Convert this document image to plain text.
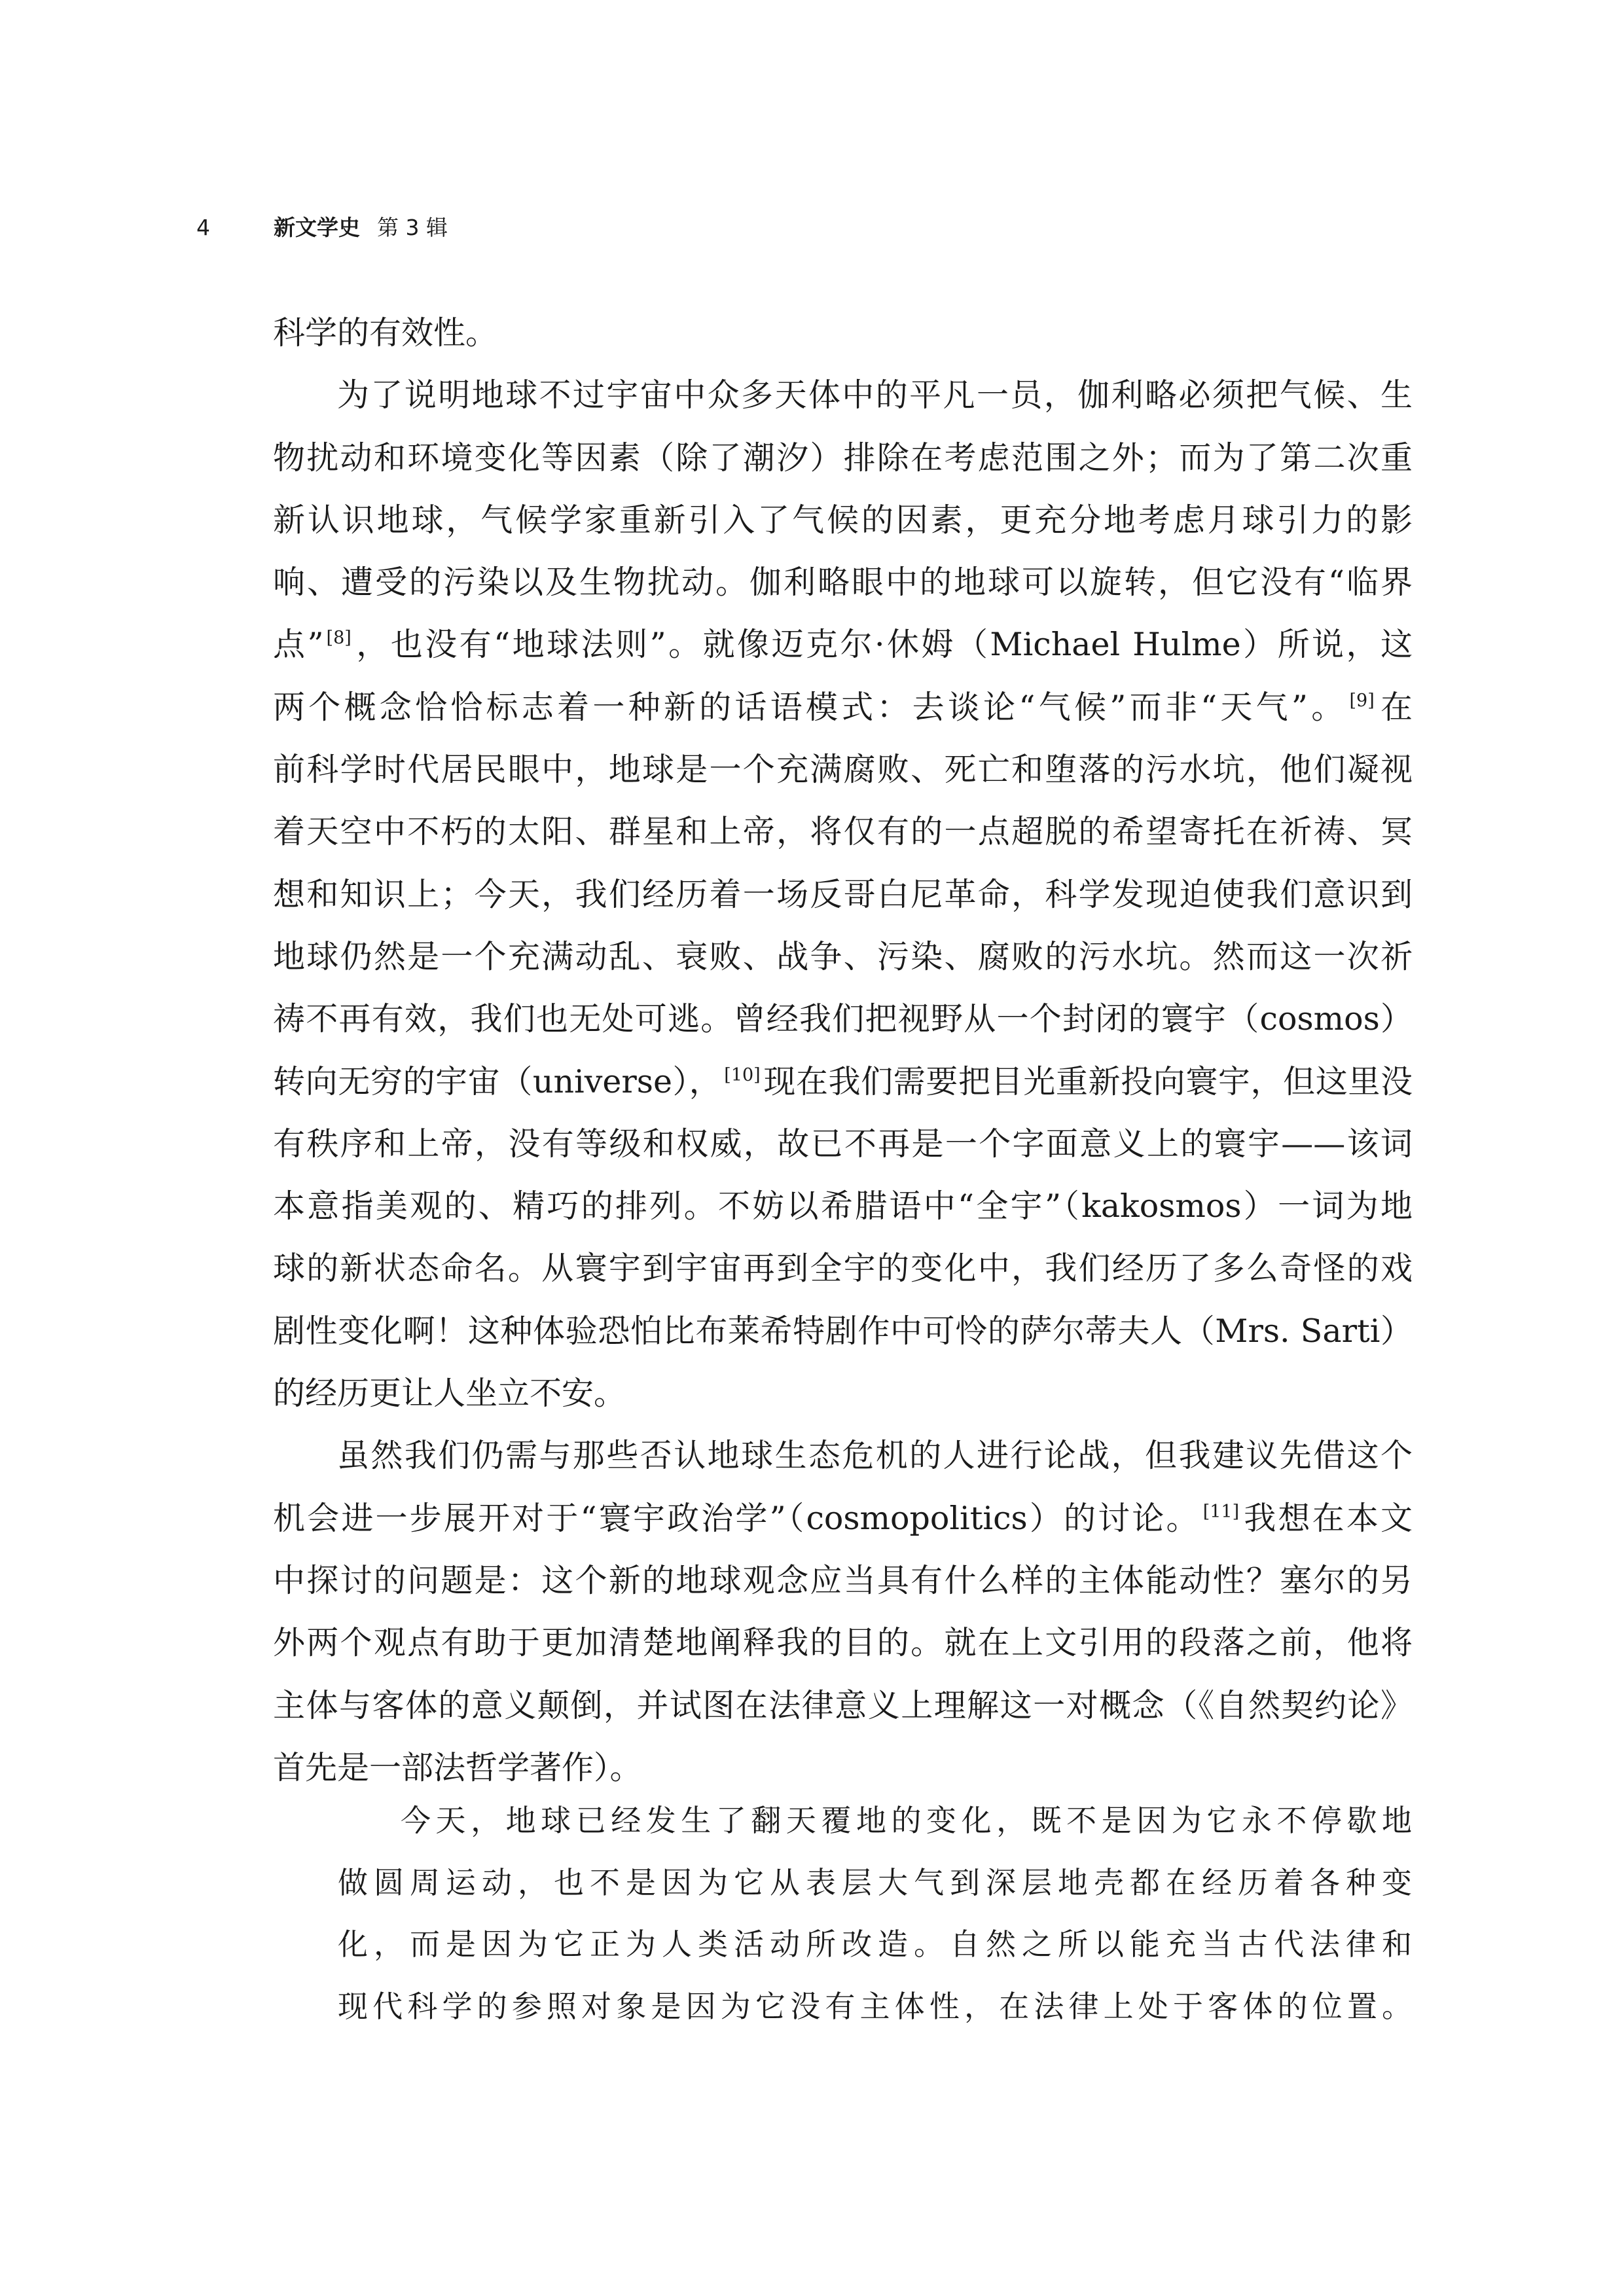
4	新文学史 第 3 辑

科学的有效性。

为了说明地球不过宇宙中众多天体中的平凡一员，伽利略必须把气候、生
物扰动和环境变化等因素（除了潮汐）排除在考虑范围之外；而为了第二次重
新认识地球，气候学家重新引入了气候的因素，更充分地考虑月球引力的影
响、遭受的污染以及生物扰动。伽利略眼中的地球可以旋转，但它没有“临界
点” [8]，也没有“地球法则”。就像迈克尔·休姆（Michael Hulme）所说，这
两个概念恰恰标志着一种新的话语模式：去谈论“气候”而非“天气”。 [9]在
前科学时代居民眼中，地球是一个充满腐败、死亡和堕落的污水坑，他们凝视
着天空中不朽的太阳、群星和上帝，将仅有的一点超脱的希望寄托在祈祷、冥
想和知识上；今天，我们经历着一场反哥白尼革命，科学发现迫使我们意识到
地球仍然是一个充满动乱、衰败、战争、污染、腐败的污水坑。然而这一次祈
祷不再有效，我们也无处可逃。曾经我们把视野从一个封闭的寰宇（cosmos）
转向无穷的宇宙（universe）， [10]现在我们需要把目光重新投向寰宇，但这里没
有秩序和上帝，没有等级和权威，故已不再是一个字面意义上的寰宇——该词
本意指美观的、精巧的排列。不妨以希腊语中“全宇”（kakosmos）一词为地
球的新状态命名。从寰宇到宇宙再到全宇的变化中，我们经历了多么奇怪的戏
剧性变化啊！这种体验恐怕比布莱希特剧作中可怜的萨尔蒂夫人（Mrs. Sarti）
的经历更让人坐立不安。

虽然我们仍需与那些否认地球生态危机的人进行论战，但我建议先借这个
机会进一步展开对于“寰宇政治学”（cosmopolitics）的讨论。 [11]我想在本文
中探讨的问题是：这个新的地球观念应当具有什么样的主体能动性？塞尔的另
外两个观点有助于更加清楚地阐释我的目的。就在上文引用的段落之前，他将
主体与客体的意义颠倒，并试图在法律意义上理解这一对概念（《自然契约论》
首先是一部法哲学著作）。

今天，地球已经发生了翻天覆地的变化，既不是因为它永不停歇地
做圆周运动，也不是因为它从表层大气到深层地壳都在经历着各种变
化，而是因为它正为人类活动所改造。自然之所以能充当古代法律和
现代科学的参照对象是因为它没有主体性，在法律上处于客体的位置。
